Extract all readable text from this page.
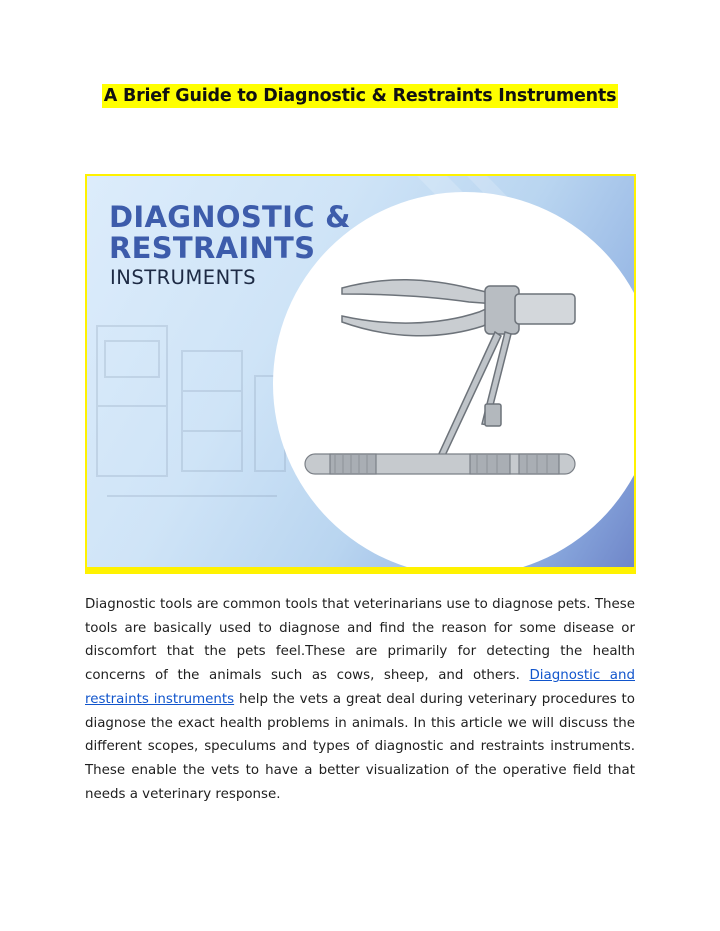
A Brief Guide to Diagnostic & Restraints Instruments
DIAGNOSTIC &
RESTRAINTS
INSTRUMENTS

Diagnostic tools are common tools that veterinarians use to diagnose pets. These tools are basically used to diagnose and find the reason for some disease or discomfort that the pets feel.These are primarily for detecting the health concerns of the animals such as cows, sheep, and others. Diagnostic and restraints instruments help the vets a great deal during veterinary procedures to diagnose the exact health problems in animals. In this article we will discuss the different scopes, speculums and types of diagnostic and restraints instruments. These enable the vets to have a better visualization of the operative field that needs a veterinary response.
